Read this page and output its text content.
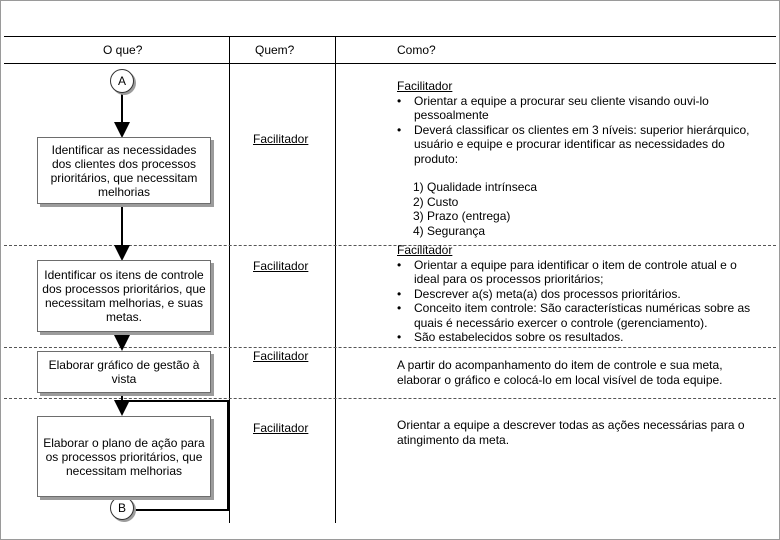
O que?	Quem?	Como?
A
B
Identificar as necessidades dos clientes dos processos prioritários, que necessitam melhorias
Identificar os itens de controle dos processos prioritários, que necessitam melhorias, e suas metas.
Elaborar gráfico de gestão à vista
Elaborar o plano de ação para os processos prioritários, que necessitam melhorias
Facilitador
Facilitador
Facilitador
Facilitador
Facilitador
• Orientar a equipe a procurar seu cliente visando ouvi-lo pessoalmente
• Deverá classificar os clientes em 3 níveis: superior hierárquico, usuário e equipe e procurar identificar as necessidades do produto:
1) Qualidade intrínseca
2) Custo
3) Prazo (entrega)
4) Segurança
Facilitador
• Orientar a equipe para identificar o item de controle atual e o ideal para os processos prioritários;
• Descrever a(s) meta(a) dos processos prioritários.
• Conceito item controle: São características numéricas sobre as quais é necessário exercer o controle (gerenciamento).
• São estabelecidos sobre os resultados.
A partir do acompanhamento do item de controle e sua meta, elaborar o gráfico e colocá-lo em local visível de toda equipe.
Orientar a equipe a descrever todas as ações necessárias para o atingimento da meta.
